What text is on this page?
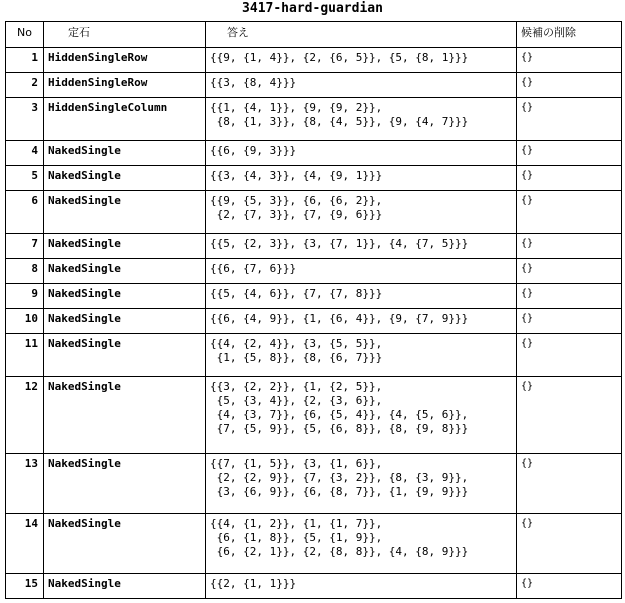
3417-hard-guardian
No	定石	答え	候補の削除
1	HiddenSingleRow	{{9, {1, 4}}, {2, {6, 5}}, {5, {8, 1}}}	{}
2	HiddenSingleRow	{{3, {8, 4}}}	{}
3	HiddenSingleColumn	{{1, {4, 1}}, {9, {9, 2}},
{8, {1, 3}}, {8, {4, 5}}, {9, {4, 7}}}	{}
4	NakedSingle	{{6, {9, 3}}}	{}
5	NakedSingle	{{3, {4, 3}}, {4, {9, 1}}}	{}
6	NakedSingle	{{9, {5, 3}}, {6, {6, 2}},
{2, {7, 3}}, {7, {9, 6}}}	{}
7	NakedSingle	{{5, {2, 3}}, {3, {7, 1}}, {4, {7, 5}}}	{}
8	NakedSingle	{{6, {7, 6}}}	{}
9	NakedSingle	{{5, {4, 6}}, {7, {7, 8}}}	{}
10	NakedSingle	{{6, {4, 9}}, {1, {6, 4}}, {9, {7, 9}}}	{}
11	NakedSingle	{{4, {2, 4}}, {3, {5, 5}},
{1, {5, 8}}, {8, {6, 7}}}	{}
12	NakedSingle	{{3, {2, 2}}, {1, {2, 5}},
{5, {3, 4}}, {2, {3, 6}},
{4, {3, 7}}, {6, {5, 4}}, {4, {5, 6}},
{7, {5, 9}}, {5, {6, 8}}, {8, {9, 8}}}	{}
13	NakedSingle	{{7, {1, 5}}, {3, {1, 6}},
{2, {2, 9}}, {7, {3, 2}}, {8, {3, 9}},
{3, {6, 9}}, {6, {8, 7}}, {1, {9, 9}}}	{}
14	NakedSingle	{{4, {1, 2}}, {1, {1, 7}},
{6, {1, 8}}, {5, {1, 9}},
{6, {2, 1}}, {2, {8, 8}}, {4, {8, 9}}}	{}
15	NakedSingle	{{2, {1, 1}}}	{}
